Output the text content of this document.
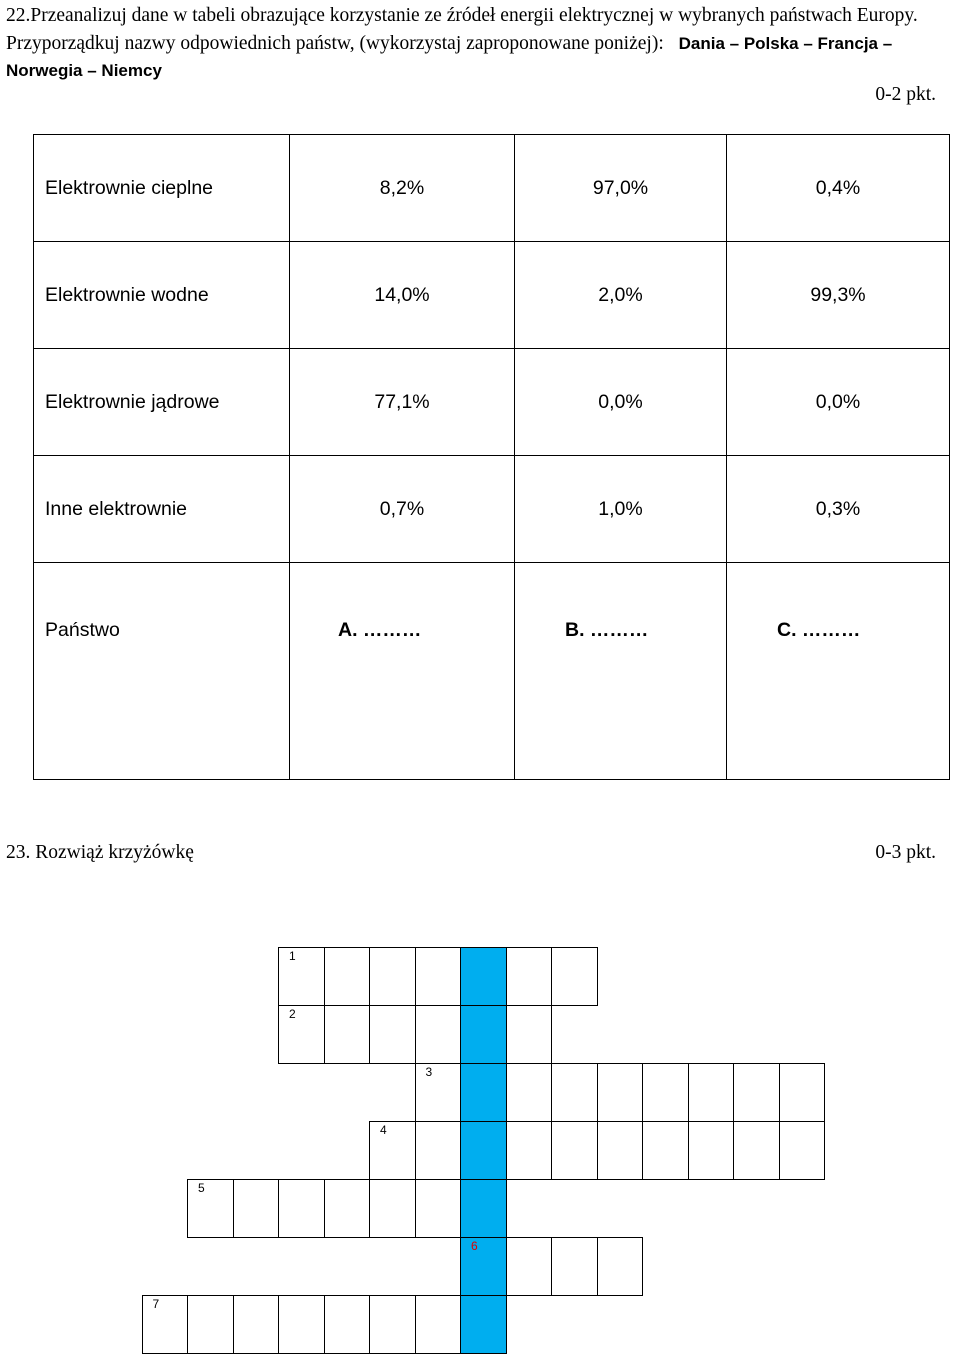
22.Przeanalizuj dane w tabeli obrazujące korzystanie ze źródeł energii elektrycznej w wybranych państwach Europy. Przyporządkuj nazwy odpowiednich państw, (wykorzystaj zaproponowane poniżej): Dania – Polska – Francja – Norwegia – Niemcy
0-2 pkt.
Elektrownie cieplne	8,2%	97,0%	0,4%
Elektrownie wodne	14,0%	2,0%	99,3%
Elektrownie jądrowe	77,1%	0,0%	0,0%
Inne elektrownie	0,7%	1,0%	0,3%
Państwo	A. ………	B. ………	C. ………
23. Rozwiąż krzyżówkę	0-3 pkt.
1
2
3
4
5
6
7
